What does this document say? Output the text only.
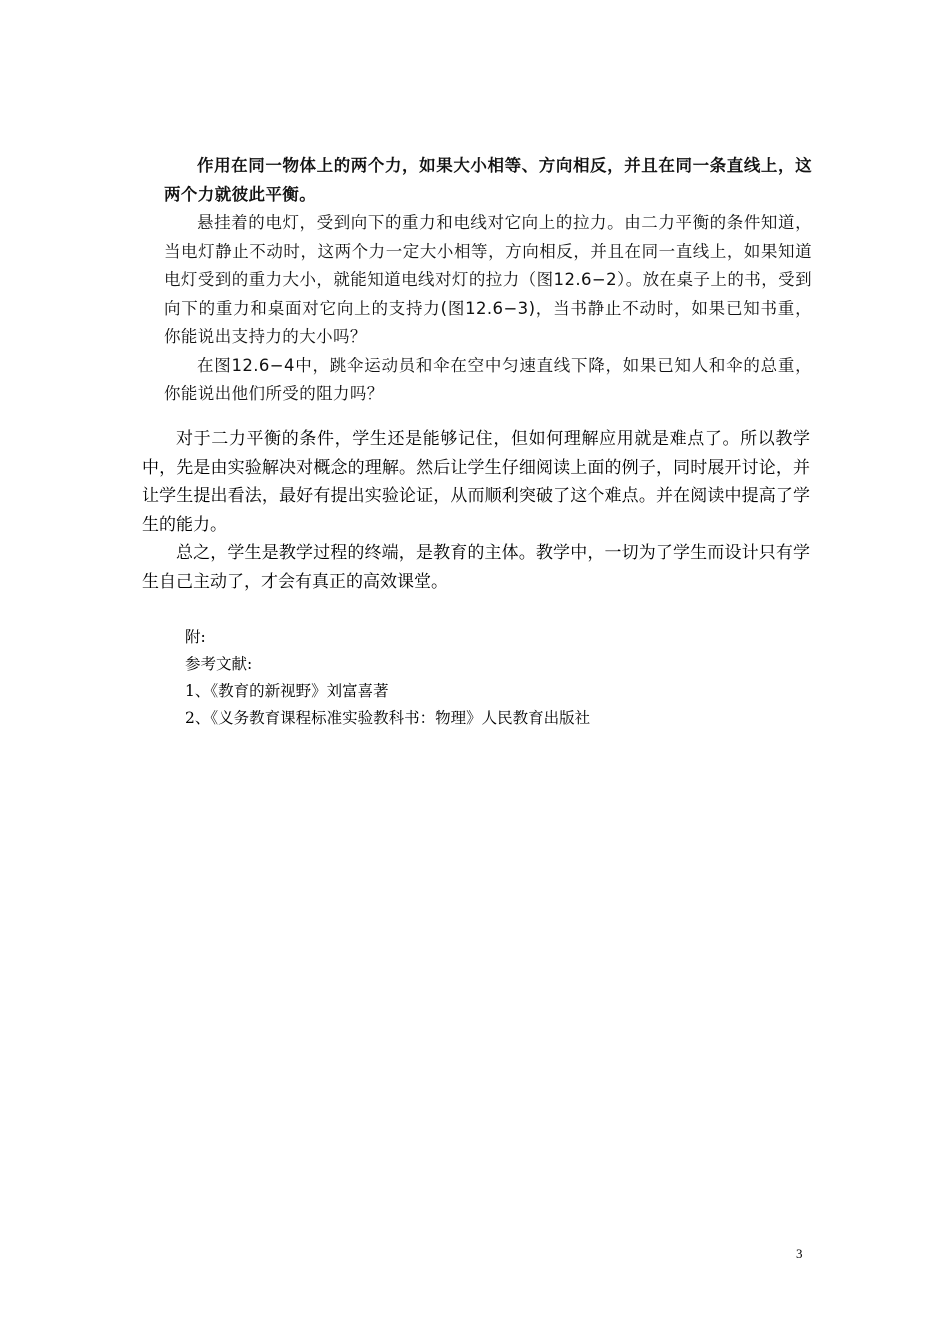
作用在同一物体上的两个力，如果大小相等、方向相反，并且在同一条直线上，这两个力就彼此平衡。

悬挂着的电灯，受到向下的重力和电线对它向上的拉力。由二力平衡的条件知道，当电灯静止不动时，这两个力一定大小相等，方向相反，并且在同一直线上，如果知道电灯受到的重力大小，就能知道电线对灯的拉力（图12.6−2）。放在桌子上的书，受到向下的重力和桌面对它向上的支持力(图12.6−3)，当书静止不动时，如果已知书重，你能说出支持力的大小吗？

在图12.6−4中，跳伞运动员和伞在空中匀速直线下降，如果已知人和伞的总重，你能说出他们所受的阻力吗？

对于二力平衡的条件，学生还是能够记住，但如何理解应用就是难点了。所以教学中，先是由实验解决对概念的理解。然后让学生仔细阅读上面的例子，同时展开讨论，并让学生提出看法，最好有提出实验论证，从而顺利突破了这个难点。并在阅读中提高了学生的能力。

总之，学生是教学过程的终端，是教育的主体。教学中，一切为了学生而设计只有学生自己主动了，才会有真正的高效课堂。

附:

参考文献:

1、《教育的新视野》刘富喜著

2、《义务教育课程标准实验教科书：物理》人民教育出版社

3
